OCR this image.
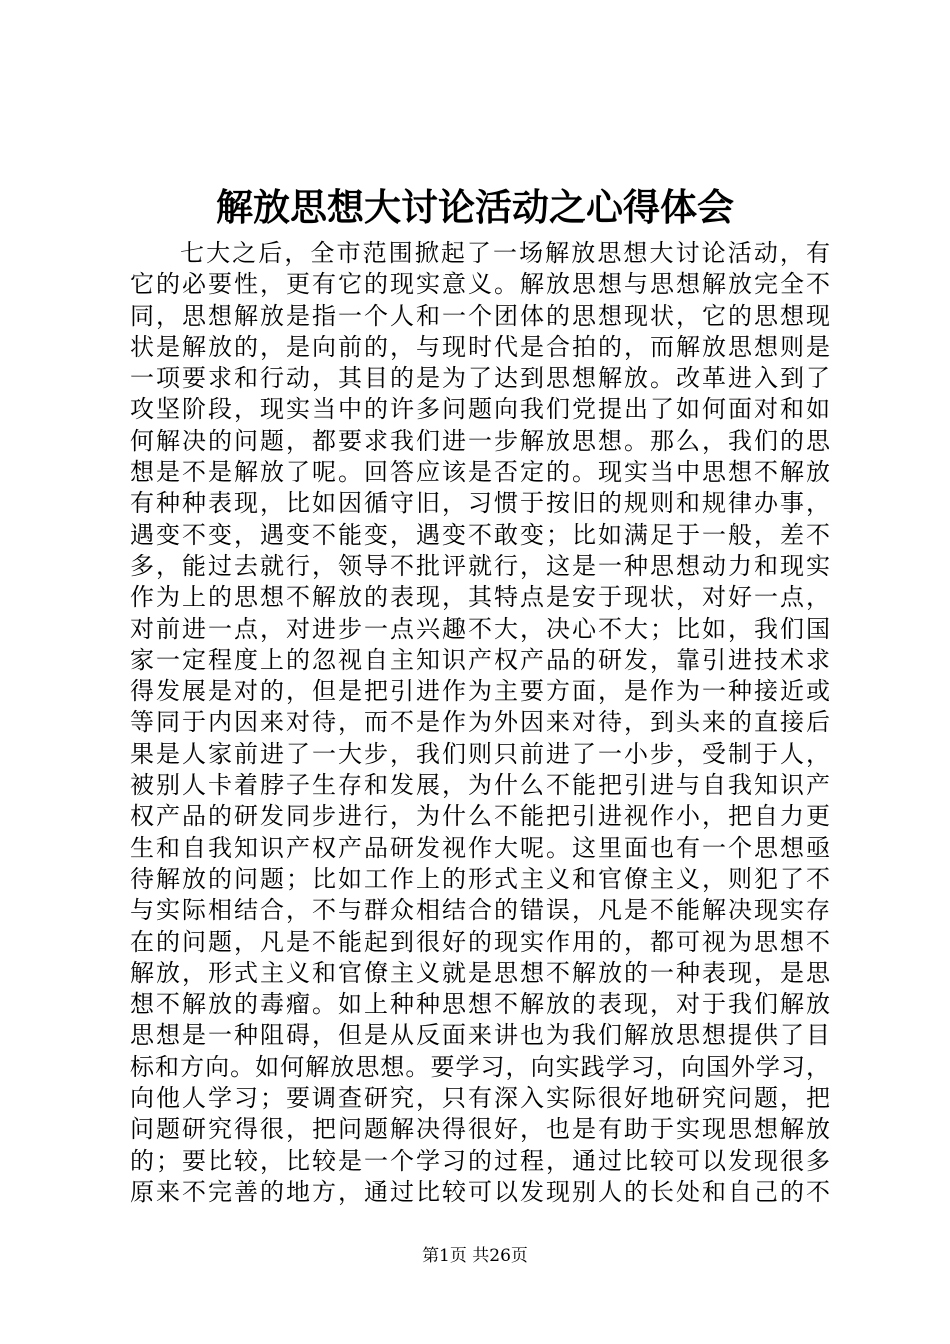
解放思想大讨论活动之心得体会
七大之后，全市范围掀起了一场解放思想大讨论活动，有
它的必要性，更有它的现实意义。解放思想与思想解放完全不
同，思想解放是指一个人和一个团体的思想现状，它的思想现
状是解放的，是向前的，与现时代是合拍的，而解放思想则是
一项要求和行动，其目的是为了达到思想解放。改革进入到了
攻坚阶段，现实当中的许多问题向我们党提出了如何面对和如
何解决的问题，都要求我们进一步解放思想。那么，我们的思
想是不是解放了呢。回答应该是否定的。现实当中思想不解放
有种种表现，比如因循守旧，习惯于按旧的规则和规律办事，
遇变不变，遇变不能变，遇变不敢变；比如满足于一般，差不
多，能过去就行，领导不批评就行，这是一种思想动力和现实
作为上的思想不解放的表现，其特点是安于现状，对好一点，
对前进一点，对进步一点兴趣不大，决心不大；比如，我们国
家一定程度上的忽视自主知识产权产品的研发，靠引进技术求
得发展是对的，但是把引进作为主要方面，是作为一种接近或
等同于内因来对待，而不是作为外因来对待，到头来的直接后
果是人家前进了一大步，我们则只前进了一小步，受制于人，
被别人卡着脖子生存和发展，为什么不能把引进与自我知识产
权产品的研发同步进行，为什么不能把引进视作小，把自力更
生和自我知识产权产品研发视作大呢。这里面也有一个思想亟
待解放的问题；比如工作上的形式主义和官僚主义，则犯了不
与实际相结合，不与群众相结合的错误，凡是不能解决现实存
在的问题，凡是不能起到很好的现实作用的，都可视为思想不
解放，形式主义和官僚主义就是思想不解放的一种表现，是思
想不解放的毒瘤。如上种种思想不解放的表现，对于我们解放
思想是一种阻碍，但是从反面来讲也为我们解放思想提供了目
标和方向。如何解放思想。要学习，向实践学习，向国外学习，
向他人学习；要调查研究，只有深入实际很好地研究问题，把
问题研究得很，把问题解决得很好，也是有助于实现思想解放
的；要比较，比较是一个学习的过程，通过比较可以发现很多
原来不完善的地方，通过比较可以发现别人的长处和自己的不
第1页 共26页
